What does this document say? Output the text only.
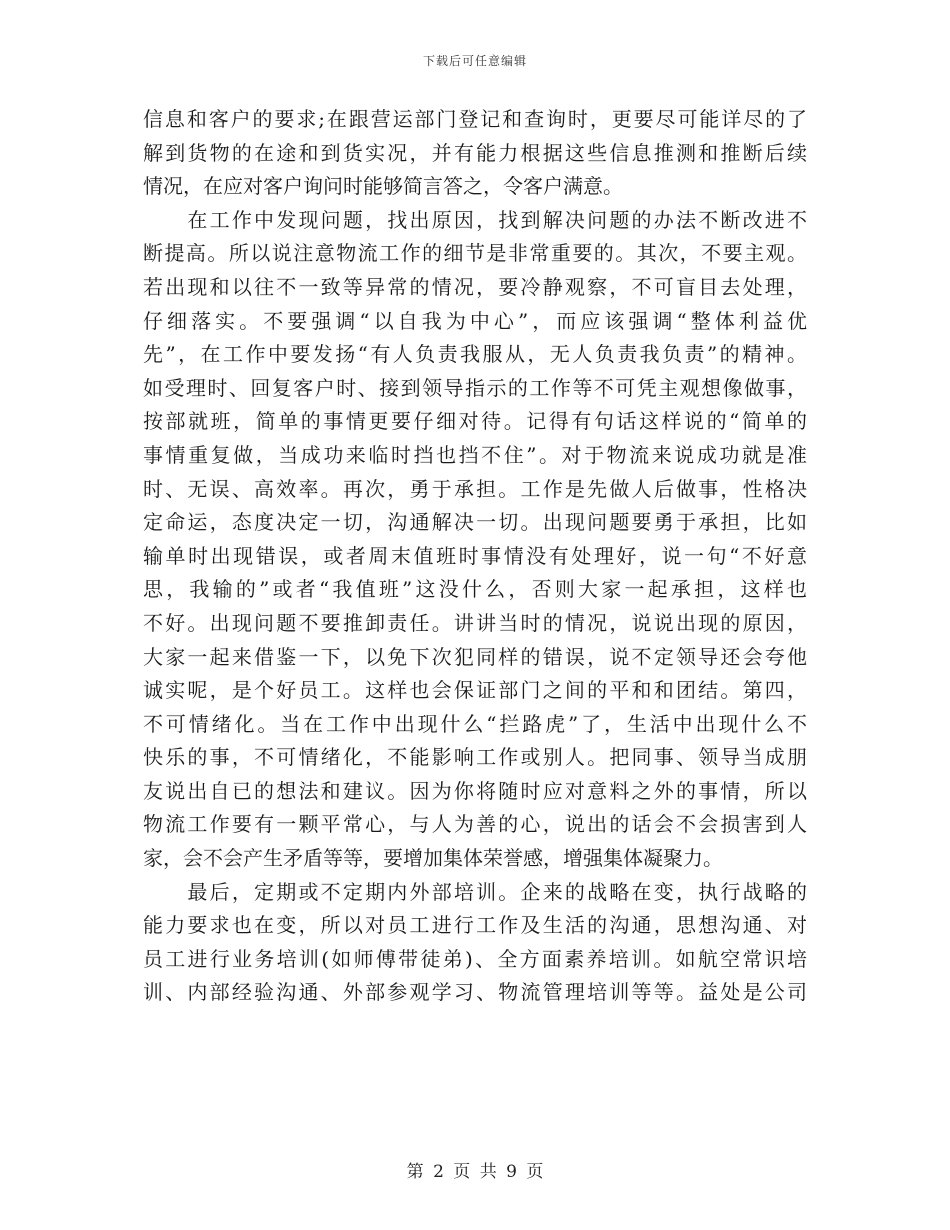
下载后可任意编辑
信息和客户的要求;在跟营运部门登记和查询时，更要尽可能详尽的了
解到货物的在途和到货实况，并有能力根据这些信息推测和推断后续
情况，在应对客户询问时能够简言答之，令客户满意。
　　在工作中发现问题，找出原因，找到解决问题的办法不断改进不
断提高。所以说注意物流工作的细节是非常重要的。其次，不要主观。
若出现和以往不一致等异常的情况，要冷静观察，不可盲目去处理，
仔细落实。不要强调“以自我为中心”，而应该强调“整体利益优
先”，在工作中要发扬“有人负责我服从，无人负责我负责”的精神。
如受理时、回复客户时、接到领导指示的工作等不可凭主观想像做事，
按部就班，简单的事情更要仔细对待。记得有句话这样说的“简单的
事情重复做，当成功来临时挡也挡不住”。对于物流来说成功就是准
时、无误、高效率。再次，勇于承担。工作是先做人后做事，性格决
定命运，态度决定一切，沟通解决一切。出现问题要勇于承担，比如
输单时出现错误，或者周末值班时事情没有处理好，说一句“不好意
思，我输的”或者“我值班”这没什么，否则大家一起承担，这样也
不好。出现问题不要推卸责任。讲讲当时的情况，说说出现的原因，
大家一起来借鉴一下，以免下次犯同样的错误，说不定领导还会夸他
诚实呢，是个好员工。这样也会保证部门之间的平和和团结。第四，
不可情绪化。当在工作中出现什么“拦路虎”了，生活中出现什么不
快乐的事，不可情绪化，不能影响工作或别人。把同事、领导当成朋
友说出自已的想法和建议。因为你将随时应对意料之外的事情，所以
物流工作要有一颗平常心，与人为善的心，说出的话会不会损害到人
家，会不会产生矛盾等等，要增加集体荣誉感，增强集体凝聚力。
　　最后，定期或不定期内外部培训。企来的战略在变，执行战略的
能力要求也在变，所以对员工进行工作及生活的沟通，思想沟通、对
员工进行业务培训(如师傅带徒弟)、全方面素养培训。如航空常识培
训、内部经验沟通、外部参观学习、物流管理培训等等。益处是公司
第 2 页 共 9 页
